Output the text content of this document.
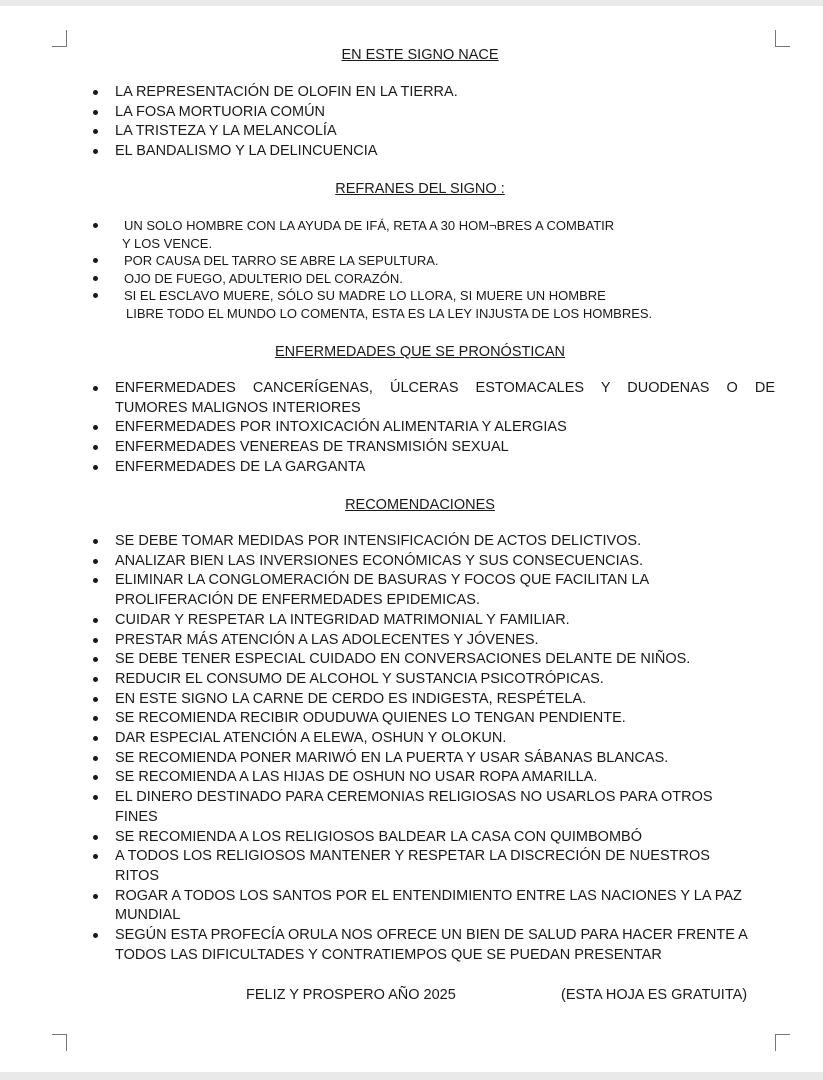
EN ESTE SIGNO NACE
LA REPRESENTACIÓN DE OLOFIN EN LA TIERRA.
LA FOSA MORTUORIA COMÚN
LA TRISTEZA Y LA MELANCOLÍA
EL BANDALISMO Y LA DELINCUENCIA
REFRANES DEL SIGNO :
UN SOLO HOMBRE CON LA AYUDA DE IFÁ, RETA A 30 HOM¬BRES A COMBATIR
Y LOS VENCE.
POR CAUSA DEL TARRO SE ABRE LA SEPULTURA.
OJO DE FUEGO, ADULTERIO DEL CORAZÓN.
SI EL ESCLAVO MUERE, SÓLO SU MADRE LO LLORA, SI MUERE UN HOMBRE
LIBRE TODO EL MUNDO LO COMENTA, ESTA ES LA LEY INJUSTA DE LOS HOMBRES.
ENFERMEDADES QUE SE PRONÓSTICAN
ENFERMEDADES CANCERÍGENAS, ÚLCERAS ESTOMACALES Y DUODENAS O DE
TUMORES MALIGNOS INTERIORES
ENFERMEDADES POR INTOXICACIÓN ALIMENTARIA Y ALERGIAS
ENFERMEDADES VENEREAS DE TRANSMISIÓN SEXUAL
ENFERMEDADES DE LA GARGANTA
RECOMENDACIONES
SE DEBE TOMAR MEDIDAS POR INTENSIFICACIÓN DE ACTOS DELICTIVOS.
ANALIZAR BIEN LAS INVERSIONES ECONÓMICAS Y SUS CONSECUENCIAS.
ELIMINAR LA CONGLOMERACIÓN DE BASURAS Y FOCOS QUE FACILITAN LA
PROLIFERACIÓN DE ENFERMEDADES EPIDEMICAS.
CUIDAR Y RESPETAR LA INTEGRIDAD MATRIMONIAL Y FAMILIAR.
PRESTAR MÁS ATENCIÓN A LAS ADOLECENTES Y JÓVENES.
SE DEBE TENER ESPECIAL CUIDADO EN CONVERSACIONES DELANTE DE NIÑOS.
REDUCIR EL CONSUMO DE ALCOHOL Y SUSTANCIA PSICOTRÓPICAS.
EN ESTE SIGNO LA CARNE DE CERDO ES INDIGESTA, RESPÉTELA.
SE RECOMIENDA RECIBIR ODUDUWA QUIENES LO TENGAN PENDIENTE.
DAR ESPECIAL ATENCIÓN A ELEWA, OSHUN Y OLOKUN.
SE RECOMIENDA PONER MARIWÓ EN LA PUERTA Y USAR SÁBANAS BLANCAS.
SE RECOMIENDA A LAS HIJAS DE OSHUN NO USAR ROPA AMARILLA.
EL DINERO DESTINADO PARA CEREMONIAS RELIGIOSAS NO USARLOS PARA OTROS
FINES
SE RECOMIENDA A LOS RELIGIOSOS BALDEAR LA CASA CON QUIMBOMBÓ
A TODOS LOS RELIGIOSOS MANTENER Y RESPETAR LA DISCRECIÓN DE NUESTROS
RITOS
ROGAR A TODOS LOS SANTOS POR EL ENTENDIMIENTO ENTRE LAS NACIONES Y LA PAZ
MUNDIAL
SEGÚN ESTA PROFECÍA ORULA NOS OFRECE UN BIEN DE SALUD PARA HACER FRENTE A
TODOS LAS DIFICULTADES Y CONTRATIEMPOS QUE SE PUEDAN PRESENTAR
FELIZ Y PROSPERO AÑO 2025	(ESTA HOJA ES GRATUITA)
